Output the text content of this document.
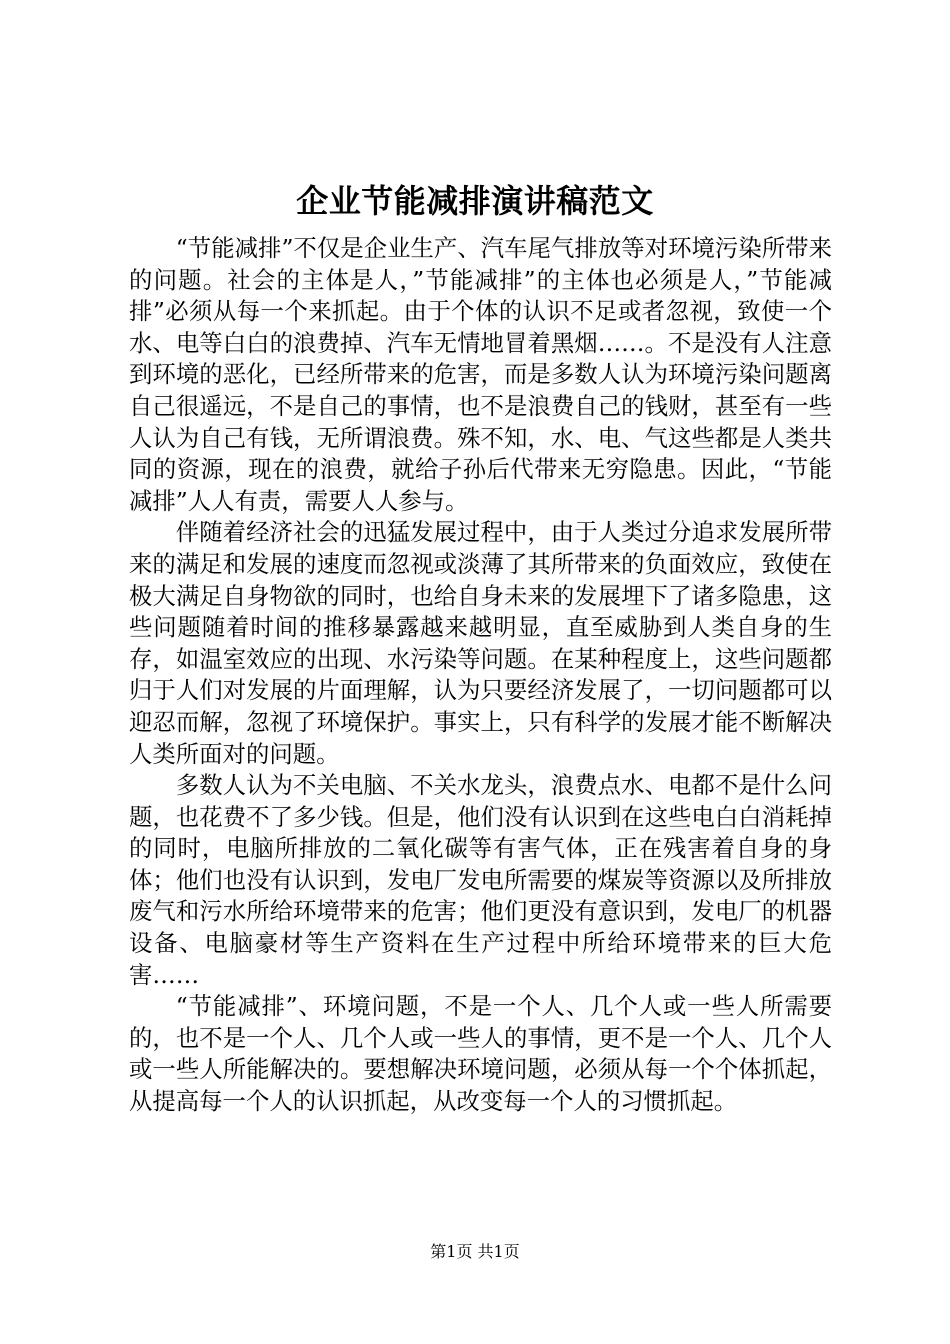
企业节能减排演讲稿范文

“节能减排”不仅是企业生产、汽车尾气排放等对环境污染所带来的问题。社会的主体是人，”节能减排”的主体也必须是人，”节能减排”必须从每一个来抓起。由于个体的认识不足或者忽视，致使一个水、电等白白的浪费掉、汽车无情地冒着黑烟……。不是没有人注意到环境的恶化，已经所带来的危害，而是多数人认为环境污染问题离自己很遥远，不是自己的事情，也不是浪费自己的钱财，甚至有一些人认为自己有钱，无所谓浪费。殊不知，水、电、气这些都是人类共同的资源，现在的浪费，就给子孙后代带来无穷隐患。因此，“节能减排”人人有责，需要人人参与。

伴随着经济社会的迅猛发展过程中，由于人类过分追求发展所带来的满足和发展的速度而忽视或淡薄了其所带来的负面效应，致使在极大满足自身物欲的同时，也给自身未来的发展埋下了诸多隐患，这些问题随着时间的推移暴露越来越明显，直至威胁到人类自身的生存，如温室效应的出现、水污染等问题。在某种程度上，这些问题都归于人们对发展的片面理解，认为只要经济发展了，一切问题都可以迎忍而解，忽视了环境保护。事实上，只有科学的发展才能不断解决人类所面对的问题。

多数人认为不关电脑、不关水龙头，浪费点水、电都不是什么问题，也花费不了多少钱。但是，他们没有认识到在这些电白白消耗掉的同时，电脑所排放的二氧化碳等有害气体，正在残害着自身的身体；他们也没有认识到，发电厂发电所需要的煤炭等资源以及所排放废气和污水所给环境带来的危害；他们更没有意识到，发电厂的机器设备、电脑豪材等生产资料在生产过程中所给环境带来的巨大危害……

“节能减排”、环境问题，不是一个人、几个人或一些人所需要的，也不是一个人、几个人或一些人的事情，更不是一个人、几个人或一些人所能解决的。要想解决环境问题，必须从每一个个体抓起，从提高每一个人的认识抓起，从改变每一个人的习惯抓起。

第1页 共1页
